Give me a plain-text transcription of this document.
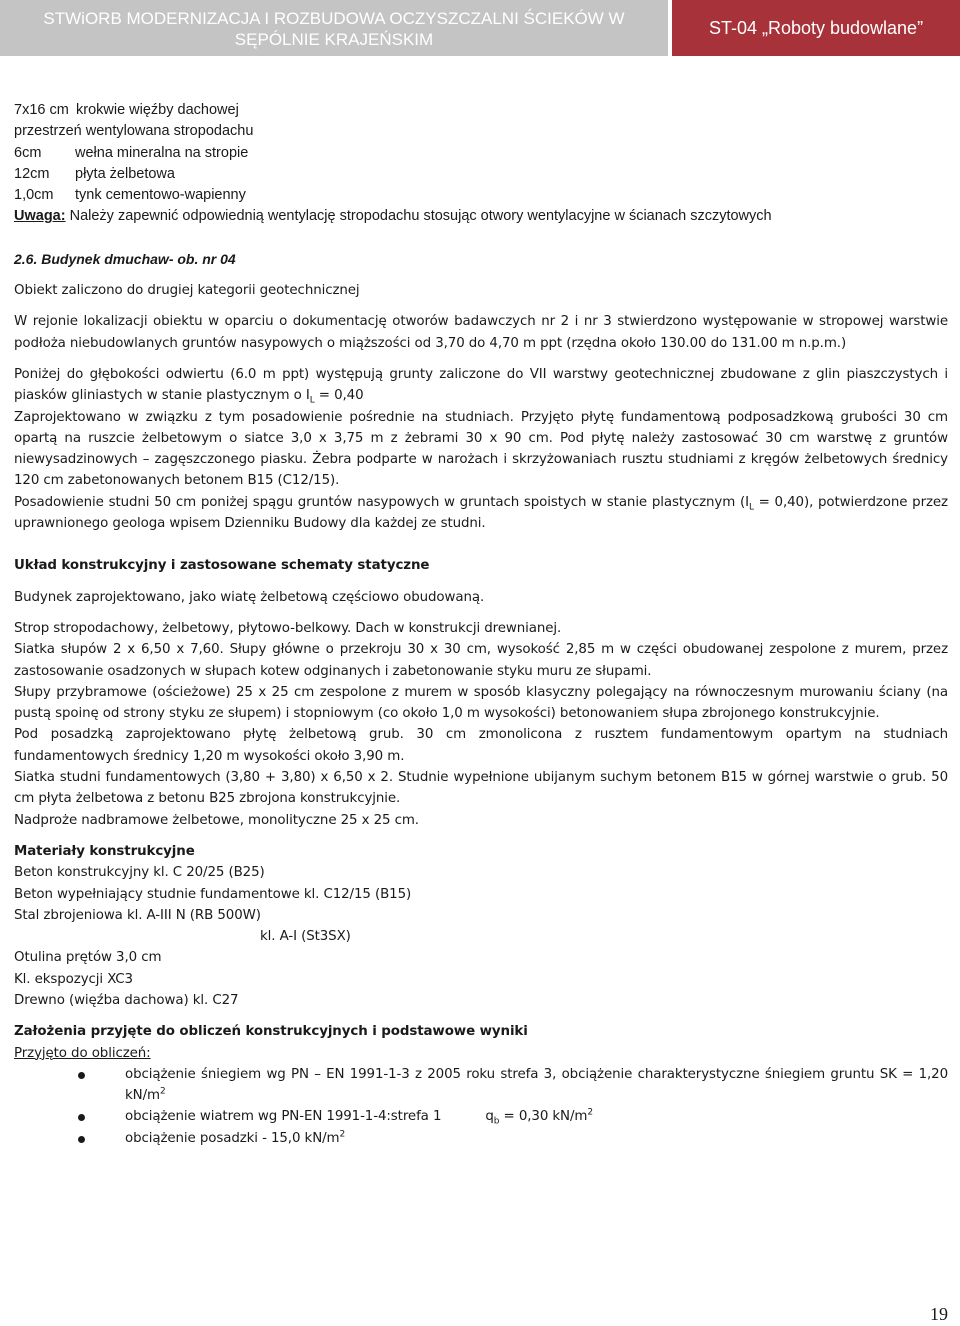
STWiORB MODERNIZACJA I ROZBUDOWA OCZYSZCZALNI ŚCIEKÓW W
SĘPÓLNIE KRAJEŃSKIM
ST-04 „Roboty budowlane”
7x16 cm krokwie więźby dachowej
przestrzeń wentylowana stropodachu
6cm	wełna mineralna na stropie
12cm	płyta żelbetowa
1,0cm	tynk cementowo-wapienny
Uwaga: Należy zapewnić odpowiednią wentylację stropodachu stosując otwory wentylacyjne w ścianach szczytowych
2.6. Budynek dmuchaw- ob. nr 04
Obiekt zaliczono do drugiej kategorii geotechnicznej
W rejonie lokalizacji obiektu w oparciu o dokumentację otworów badawczych nr 2 i nr 3 stwierdzono występowanie w stropowej warstwie podłoża niebudowlanych gruntów nasypowych o miąższości od 3,70 do 4,70 m ppt (rzędna około 130.00 do 131.00 m n.p.m.)
Poniżej do głębokości odwiertu (6.0 m ppt) występują grunty zaliczone do VII warstwy geotechnicznej zbudowane z glin piaszczystych i piasków gliniastych w stanie plastycznym o $I_L = 0,40$
Zaprojektowano w związku z tym posadowienie pośrednie na studniach. Przyjęto płytę fundamentową podposadzkową grubości 30 cm opartą na ruszcie żelbetowym o siatce 3,0 x 3,75 m z żebrami 30 x 90 cm. Pod płytę należy zastosować 30 cm warstwę z gruntów niewysadzinowych – zagęszczonego piasku. Żebra podparte w narożach i skrzyżowaniach rusztu studniami z kręgów żelbetowych średnicy 120 cm zabetonowanych betonem B15 (C12/15).
Posadowienie studni 50 cm poniżej spągu gruntów nasypowych w gruntach spoistych w stanie plastycznym $(I_L = 0,40)$, potwierdzone przez uprawnionego geologa wpisem Dzienniku Budowy dla każdej ze studni.
Układ konstrukcyjny i zastosowane schematy statyczne
Budynek zaprojektowano, jako wiatę żelbetową częściowo obudowaną.
Strop stropodachowy, żelbetowy, płytowo-belkowy. Dach w konstrukcji drewnianej.
Siatka słupów 2 x 6,50 x 7,60. Słupy główne o przekroju 30 x 30 cm, wysokość 2,85 m w części obudowanej zespolone z murem, przez zastosowanie osadzonych w słupach kotew odginanych i zabetonowanie styku muru ze słupami.
Słupy przybramowe (ościeżowe) 25 x 25 cm zespolone z murem w sposób klasyczny polegający na równoczesnym murowaniu ściany (na pustą spoinę od strony styku ze słupem) i stopniowym (co około 1,0 m wysokości) betonowaniem słupa zbrojonego konstrukcyjnie.
Pod posadzką zaprojektowano płytę żelbetową grub. 30 cm zmonolicona z rusztem fundamentowym opartym na studniach fundamentowych średnicy 1,20 m wysokości około 3,90 m.
Siatka studni fundamentowych (3,80 + 3,80) x 6,50 x 2. Studnie wypełnione ubijanym suchym betonem B15 w górnej warstwie o grub. 50 cm płyta żelbetowa z betonu B25 zbrojona konstrukcyjnie.
Nadproże nadbramowe żelbetowe, monolityczne 25 x 25 cm.
Materiały konstrukcyjne
Beton konstrukcyjny kl. C 20/25 (B25)
Beton wypełniający studnie fundamentowe kl. C12/15 (B15)
Stal zbrojeniowa kl. A-III N (RB 500W)
kl. A-I (St3SX)
Otulina prętów 3,0 cm
Kl. ekspozycji XC3
Drewno (więźba dachowa) kl. C27
Założenia przyjęte do obliczeń konstrukcyjnych i podstawowe wyniki
Przyjęto do obliczeń:
obciążenie śniegiem wg PN – EN 1991-1-3 z 2005 roku strefa 3, obciążenie charakterystyczne śniegiem gruntu SK = 1,20 $kN/m^2$
obciążenie wiatrem wg PN-EN 1991-1-4:strefa 1	$q_b = 0,30$ $kN/m^2$
obciążenie posadzki - 15,0 $kN/m^2$
19
